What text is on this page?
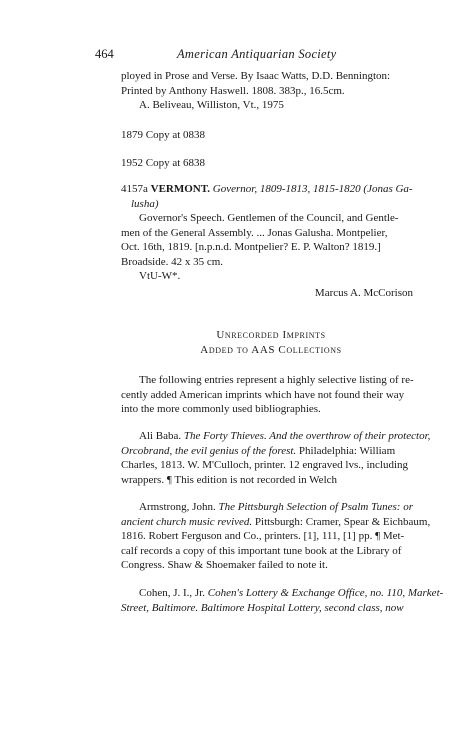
464	American Antiquarian Society
ployed in Prose and Verse. By Isaac Watts, D.D. Bennington:
Printed by Anthony Haswell. 1808. 383p., 16.5cm.
A. Beliveau, Williston, Vt., 1975
1879 Copy at 0838
1952 Copy at 6838
4157a VERMONT. Governor, 1809-1813, 1815-1820 (Jonas Ga-
lusha)
Governor's Speech. Gentlemen of the Council, and Gentle-
men of the General Assembly. ... Jonas Galusha. Montpelier,
Oct. 16th, 1819. [n.p.n.d. Montpelier? E. P. Walton? 1819.]
Broadside. 42 x 35 cm.
VtU-W*.
Marcus A. McCorison
Unrecorded Imprints
Added to AAS Collections
The following entries represent a highly selective listing of re-
cently added American imprints which have not found their way
into the more commonly used bibliographies.
Ali Baba. The Forty Thieves. And the overthrow of their protector,
Orcobrand, the evil genius of the forest. Philadelphia: William
Charles, 1813. W. M'Culloch, printer. 12 engraved lvs., including
wrappers. ¶ This edition is not recorded in Welch
Armstrong, John. The Pittsburgh Selection of Psalm Tunes: or
ancient church music revived. Pittsburgh: Cramer, Spear & Eichbaum,
1816. Robert Ferguson and Co., printers. [1], 111, [1] pp. ¶ Met-
calf records a copy of this important tune book at the Library of
Congress. Shaw & Shoemaker failed to note it.
Cohen, J. I., Jr. Cohen's Lottery & Exchange Office, no. 110, Market-
Street, Baltimore. Baltimore Hospital Lottery, second class, now
